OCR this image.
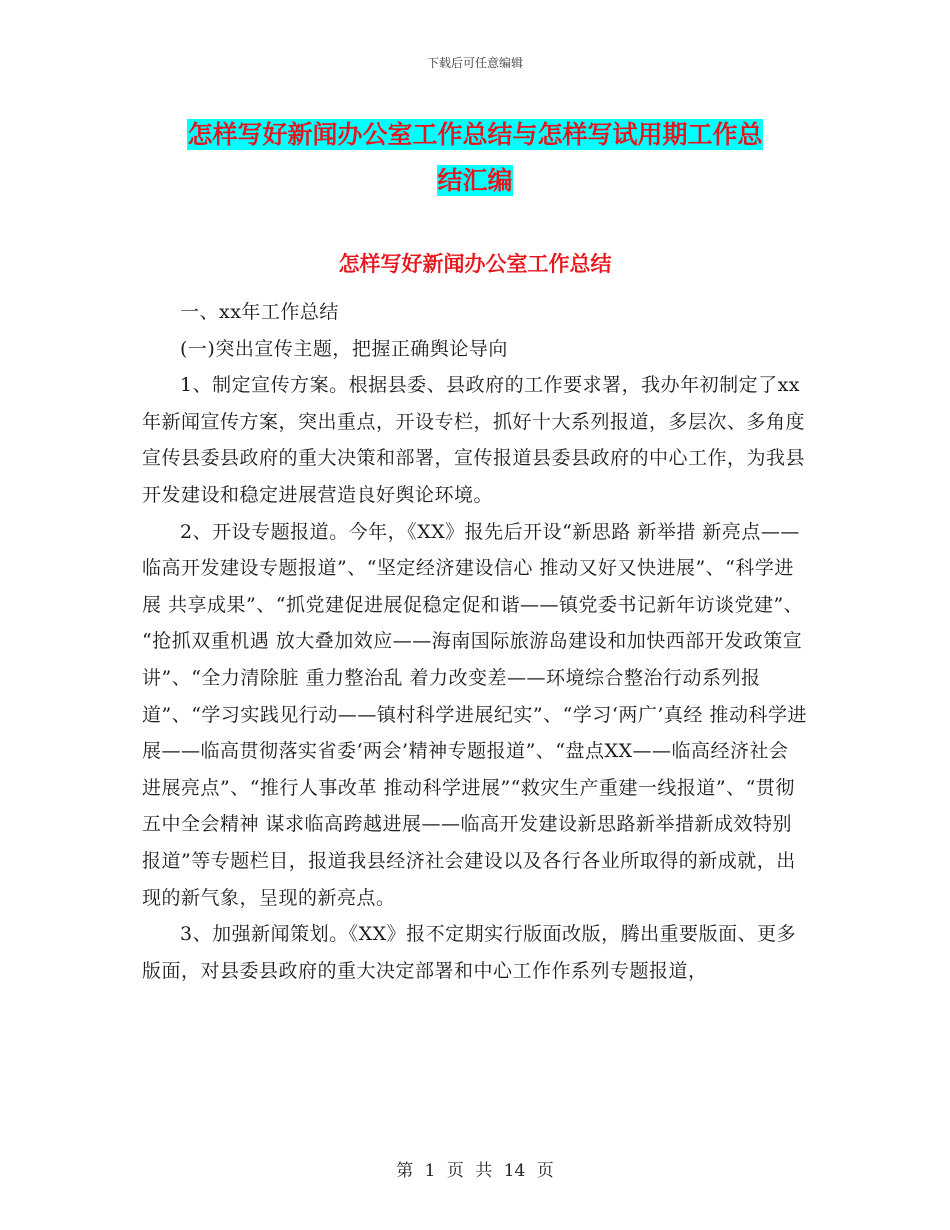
下载后可任意编辑
怎样写好新闻办公室工作总结与怎样写试用期工作总
结汇编
怎样写好新闻办公室工作总结

一、xx年工作总结

(一)突出宣传主题，把握正确舆论导向

1、制定宣传方案。根据县委、县政府的工作要求署，我办年初制定了xx年新闻宣传方案，突出重点，开设专栏，抓好十大系列报道，多层次、多角度宣传县委县政府的重大决策和部署，宣传报道县委县政府的中心工作，为我县开发建设和稳定进展营造良好舆论环境。

2、开设专题报道。今年，《XX》报先后开设“新思路 新举措 新亮点——临高开发建设专题报道”、“坚定经济建设信心 推动又好又快进展”、“科学进展 共享成果”、“抓党建促进展促稳定促和谐——镇党委书记新年访谈党建”、 “抢抓双重机遇 放大叠加效应——海南国际旅游岛建设和加快西部开发政策宣讲”、“全力清除脏 重力整治乱 着力改变差——环境综合整治行动系列报道”、“学习实践见行动——镇村科学进展纪实”、“学习‘两广’真经 推动科学进展——临高贯彻落实省委‘两会’精神专题报道”、“盘点XX——临高经济社会进展亮点”、“推行人事改革 推动科学进展”“救灾生产重建一线报道”、“贯彻五中全会精神 谋求临高跨越进展——临高开发建设新思路新举措新成效特别报道”等专题栏目，报道我县经济社会建设以及各行各业所取得的新成就，出现的新气象，呈现的新亮点。

3、加强新闻策划。《XX》报不定期实行版面改版，腾出重要版面、更多版面，对县委县政府的重大决定部署和中心工作作系列专题报道，

第 1 页 共 14 页
